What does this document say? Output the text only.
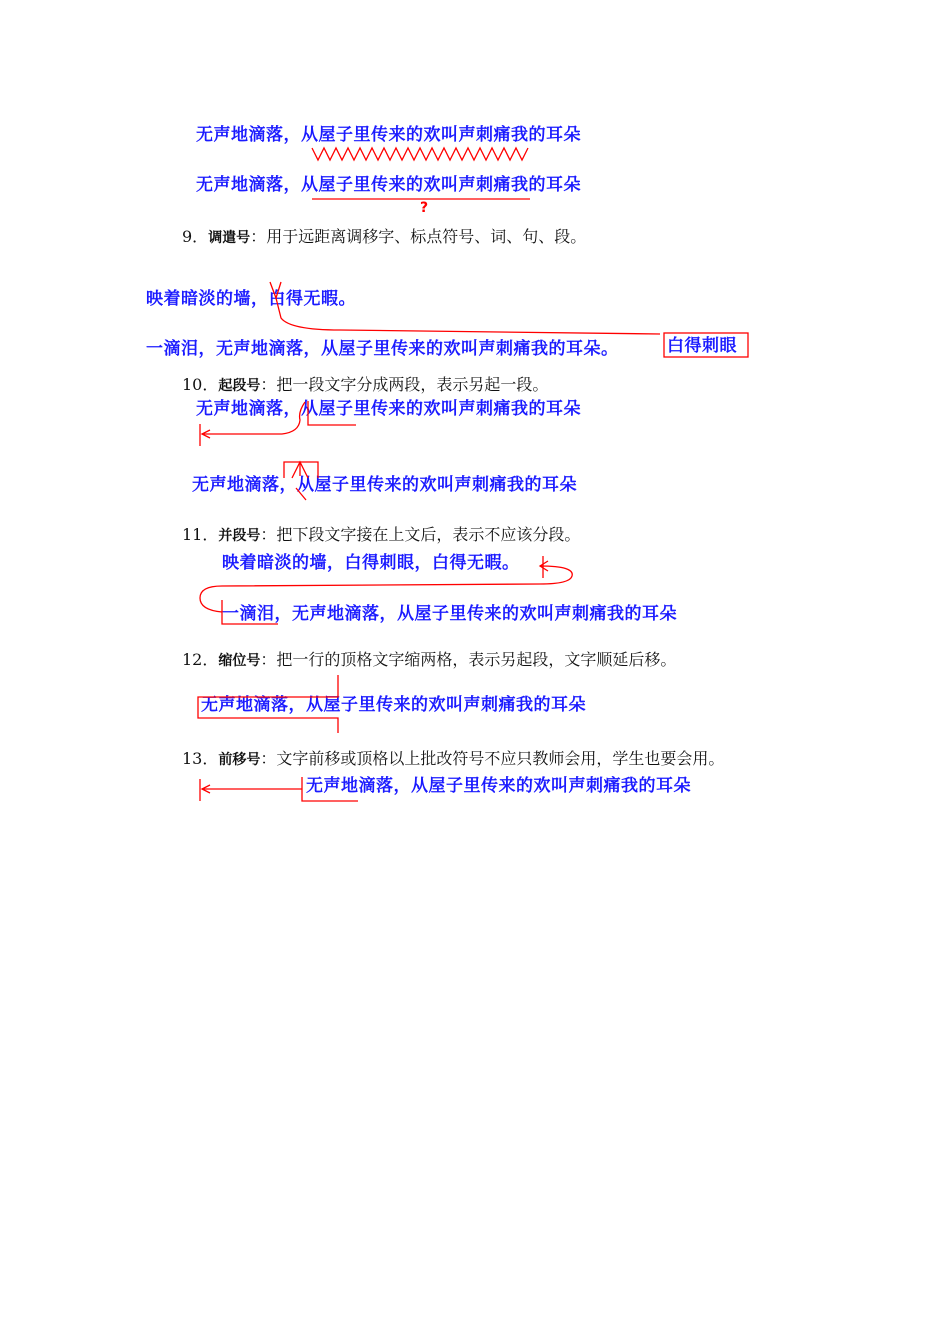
无声地滴落，从屋子里传来的欢叫声刺痛我的耳朵
无声地滴落，从屋子里传来的欢叫声刺痛我的耳朵
?
9．调遣号：用于远距离调移字、标点符号、词、句、段。
映着暗淡的墙，白得无暇。
一滴泪，无声地滴落，从屋子里传来的欢叫声刺痛我的耳朵。	白得刺眼
10．起段号：把一段文字分成两段，表示另起一段。
无声地滴落，从屋子里传来的欢叫声刺痛我的耳朵
无声地滴落，从屋子里传来的欢叫声刺痛我的耳朵
11．并段号：把下段文字接在上文后，表示不应该分段。
映着暗淡的墙，白得刺眼，白得无暇。
一滴泪，无声地滴落，从屋子里传来的欢叫声刺痛我的耳朵
12．缩位号：把一行的顶格文字缩两格，表示另起段，文字顺延后移。
无声地滴落，从屋子里传来的欢叫声刺痛我的耳朵
13．前移号：文字前移或顶格以上批改符号不应只教师会用，学生也要会用。
无声地滴落，从屋子里传来的欢叫声刺痛我的耳朵
